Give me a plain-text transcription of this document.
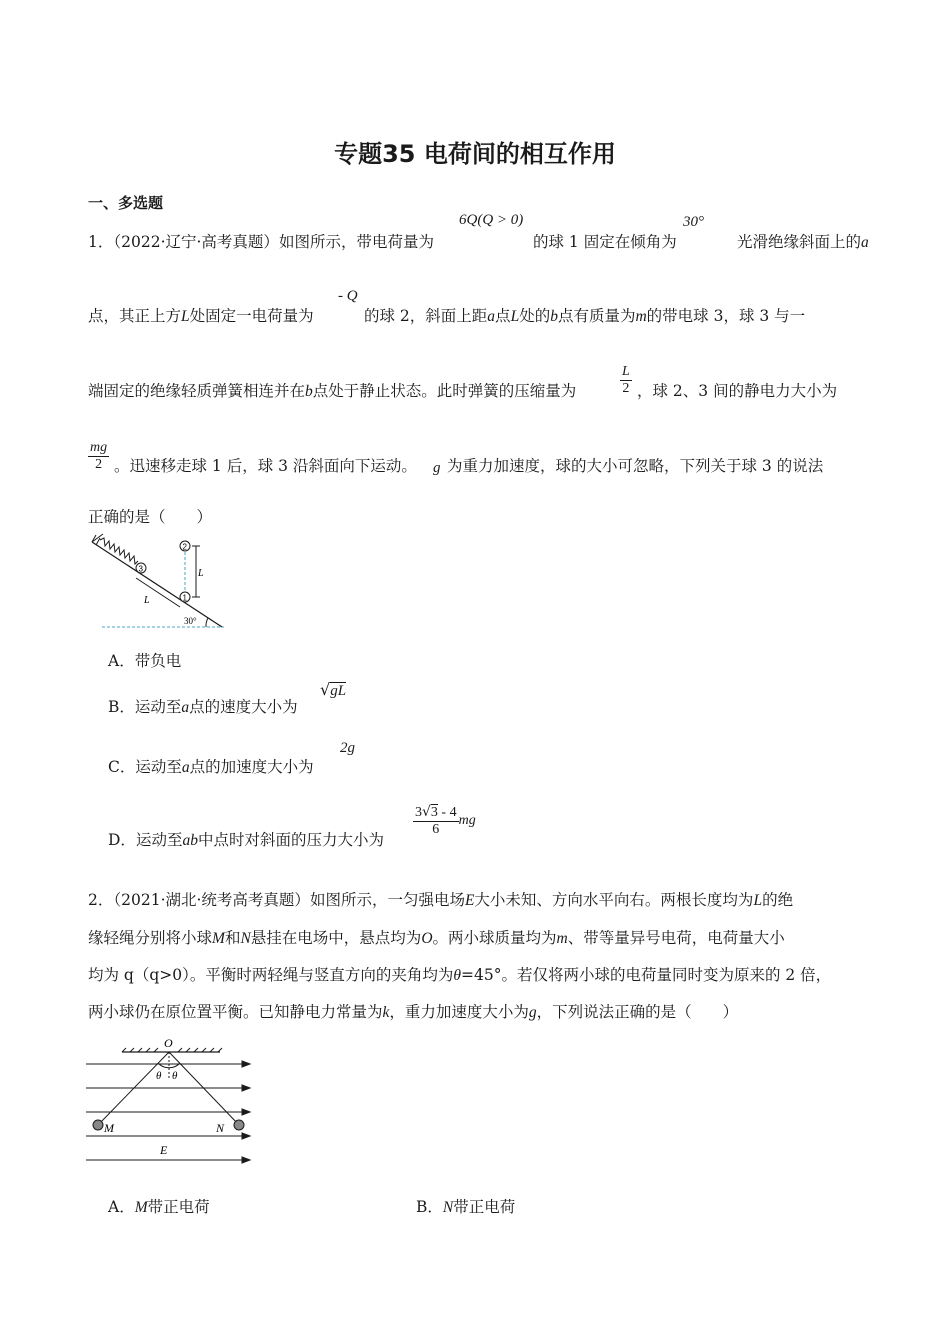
专题35 电荷间的相互作用
一、多选题
1．（2022·辽宁·高考真题）如图所示，带电荷量为
6Q(Q > 0)
的球 1 固定在倾角为
30°
光滑绝缘斜面上的a
点，其正上方L处固定一电荷量为
- Q
的球 2，斜面上距a点L处的b点有质量为m的带电球 3，球 3 与一
端固定的绝缘轻质弹簧相连并在b点处于静止状态。此时弹簧的压缩量为	$\frac{L}{2}$ ，球 2、3 间的静电力大小为
$\frac{mg}{2}$ 。迅速移走球 1 后，球 3 沿斜面向下运动。 g 为重力加速度，球的大小可忽略，下列关于球 3 的说法
正确的是（　　）
3
1
2
L
L
30°
A．带负电
B．运动至a点的速度大小为
√gL
C．运动至a点的加速度大小为
2g
D．运动至ab中点时对斜面的压力大小为
$\frac{3√3 - 4}{6}$ mg
2．（2021·湖北·统考高考真题）如图所示，一匀强电场E大小未知、方向水平向右。两根长度均为L的绝
缘轻绳分别将小球M和N悬挂在电场中，悬点均为O。两小球质量均为m、带等量异号电荷，电荷量大小
均为 q（q>0）。平衡时两轻绳与竖直方向的夹角均为θ=45°。若仅将两小球的电荷量同时变为原来的 2 倍，
两小球仍在原位置平衡。已知静电力常量为k，重力加速度大小为g，下列说法正确的是（　　）
O
θ θ
M	N
E
A．M带正电荷	B．N带正电荷
